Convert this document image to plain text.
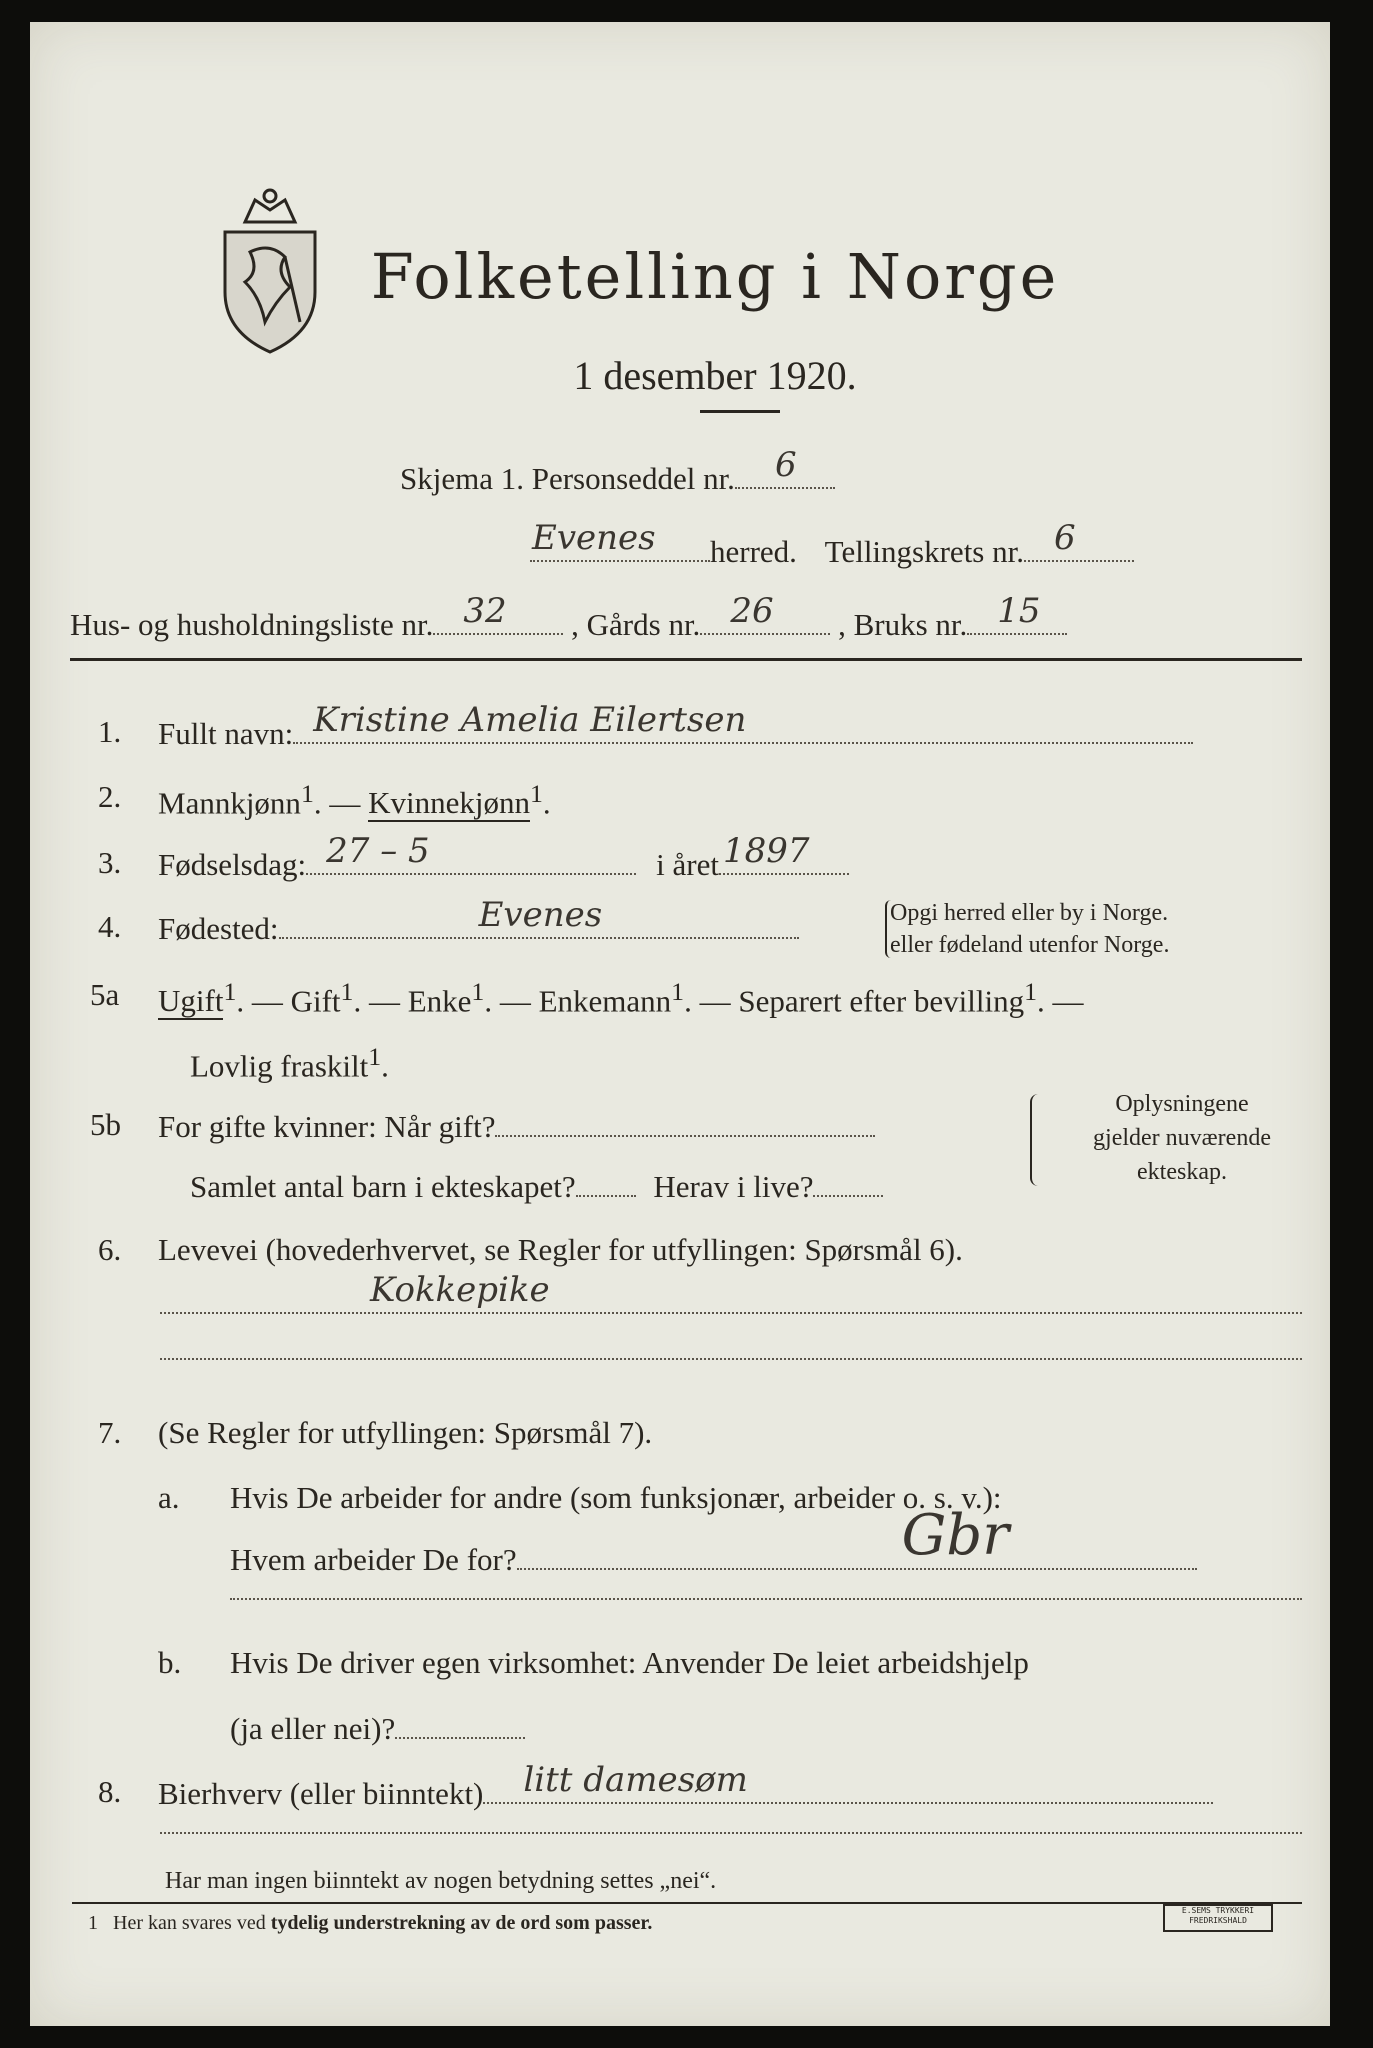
Folketelling i Norge
1 desember 1920.
Skjema 1. Personseddel nr. 6
Evenes herred. Tellingskrets nr. 6
Hus- og husholdningsliste nr. 32 , Gårds nr. 26 , Bruks nr. 15
1. Fullt navn: Kristine Amelia Eilertsen
2. Mannkjønn$^1$. — Kvinnekjønn$^1$.
3. Fødselsdag: 27 – 5	i året 1897
4. Fødested:	Evenes	Opgi herred eller by i Norge.
eller fødeland utenfor Norge.
5a Ugift$^1$. — Gift$^1$. — Enke$^1$. — Enkemann$^1$. — Separert efter bevilling$^1$. —
Lovlig fraskilt$^1$.
5b For gifte kvinner: Når gift?
Samlet antal barn i ekteskapet?	Herav i live?
Oplysningene
gjelder nuværende
ekteskap.
6. Levevei (hovederhvervet, se Regler for utfyllingen: Spørsmål 6).
Kokkepike
7. (Se Regler for utfyllingen: Spørsmål 7).
a. Hvis De arbeider for andre (som funksjonær, arbeider o. s. v.):
Hvem arbeider De for?	Gbr
b. Hvis De driver egen virksomhet: Anvender De leiet arbeidshjelp
(ja eller nei)?
8. Bierhverv (eller biinntekt) litt damesøm
Har man ingen biinntekt av nogen betydning settes „nei“.
1 Her kan svares ved tydelig understrekning av de ord som passer.
E.SEMS TRYKKERI
FREDRIKSHALD
